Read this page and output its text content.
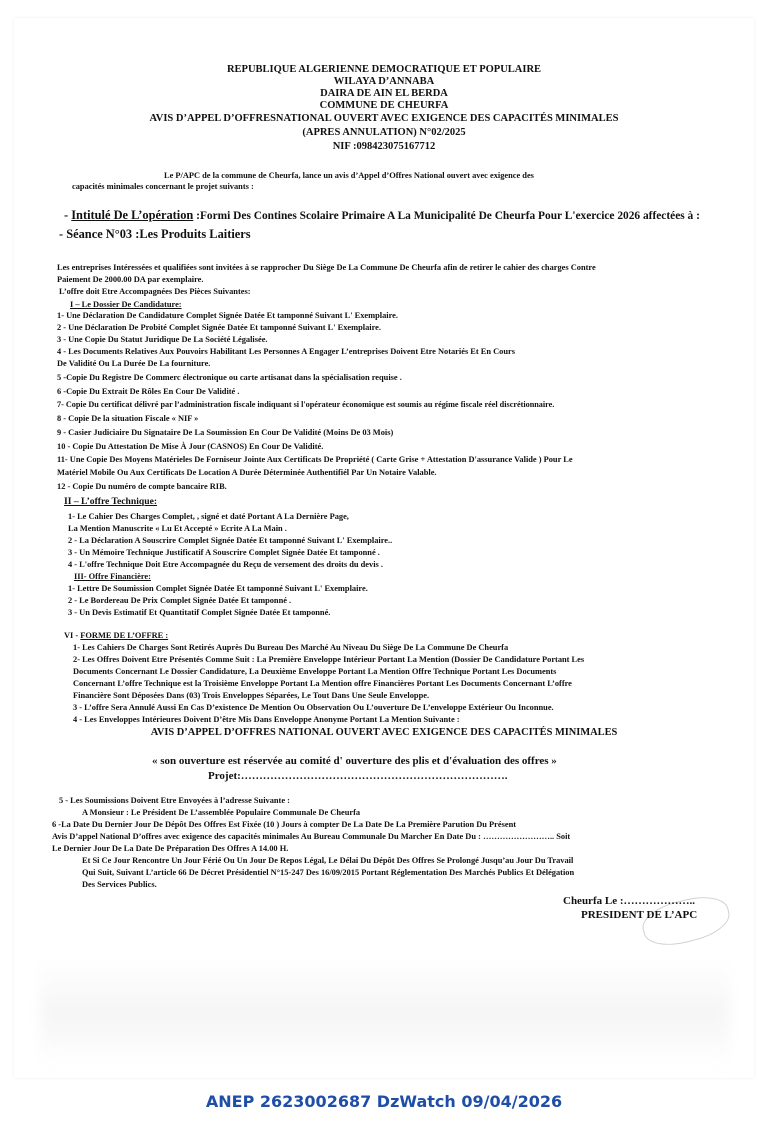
REPUBLIQUE ALGERIENNE DEMOCRATIQUE ET POPULAIRE
WILAYA D’ANNABA
DAIRA DE AIN EL BERDA
COMMUNE DE CHEURFA
AVIS D’APPEL D’OFFRESNATIONAL OUVERT AVEC EXIGENCE DES CAPACITÉS MINIMALES
(APRES ANNULATION) N°02/2025
NIF :098423075167712
Le P/APC de la commune de Cheurfa, lance un avis d’Appel d’Offres National ouvert avec exigence des
capacités minimales concernant le projet suivants :
- Intitulé De L’opération :Formi Des Contines Scolaire Primaire A La Municipalité De Cheurfa Pour L'exercice 2026 affectées à :
- Séance N°03 :Les Produits Laitiers
Les entreprises Intéressées et qualifiées sont invitées à se rapprocher Du Siège De La Commune De Cheurfa afin de retirer le cahier des charges Contre
Paiement De 2000.00 DA par exemplaire.
L’offre doit Etre Accompagnées Des Pièces Suivantes:
I – Le Dossier De Candidature:
1- Une Déclaration De Candidature Complet Signée Datée Et tamponné Suivant L' Exemplaire.
2 - Une Déclaration De Probité Complet Signée Datée Et tamponné Suivant L' Exemplaire.
3 - Une Copie Du Statut Juridique De La Société Légalisée.
4 - Les Documents Relatives Aux Pouvoirs Habilitant Les Personnes A Engager L’entreprises Doivent Etre Notariés Et En Cours
De Validité Ou La Durée De La fourniture.
5 -Copie Du Registre De Commerc électronique ou carte artisanat dans la spécialisation requise .
6 -Copie Du Extrait De Rôles En Cour De Validité .
7- Copie Du certificat délivré par l’administration fiscale indiquant si l'opérateur économique est soumis au régime fiscale réel discrétionnaire.
8 - Copie De la situation Fiscale « NIF »
9 - Casier Judiciaire Du Signataire De La Soumission En Cour De Validité (Moins De 03 Mois)
10 - Copie Du Attestation De Mise À Jour (CASNOS) En Cour De Validité.
11- Une Copie Des Moyens Matérieles De Forniseur Jointe Aux Certificats De Propriété ( Carte Grise + Attestation D'assurance Valide ) Pour Le
Matériel Mobile Ou Aux Certificats De Location A Durée Déterminée Authentifiél Par Un Notaire Valable.
12 - Copie Du numéro de compte bancaire RIB.
II – L’offre Technique:
1- Le Cahier Des Charges Complet, , signé et daté Portant A La Dernière Page,
La Mention Manuscrite « Lu Et Accepté » Ecrite A La Main .
2 - La Déclaration A Souscrire Complet Signée Datée Et tamponné Suivant L' Exemplaire..
3 - Un Mémoire Technique Justificatif A Souscrire Complet Signée Datée Et tamponné .
4 - L'offre Technique Doit Etre Accompagnée du Reçu de versement des droits du devis .
III- Offre Financière:
1- Lettre De Soumission Complet Signée Datée Et tamponné Suivant L' Exemplaire.
2 - Le Bordereau De Prix Complet Signée Datée Et tamponné .
3 - Un Devis Estimatif Et Quantitatif Complet Signée Datée Et tamponné.
VI - FORME DE L’OFFRE :
1- Les Cahiers De Charges Sont Retirés Auprès Du Bureau Des Marché Au Niveau Du Siège De La Commune De Cheurfa
2- Les Offres Doivent Etre Présentés Comme Suit : La Première Enveloppe Intérieur Portant La Mention (Dossier De Candidature Portant Les
Documents Concernant Le Dossier Candidature, La Deuxième Enveloppe Portant La Mention Offre Technique Portant Les Documents
Concernant L’offre Technique est la Troisième Enveloppe Portant La Mention offre Financières Portant Les Documents Concernant L’offre
Financière Sont Déposées Dans (03) Trois Enveloppes Séparées, Le Tout Dans Une Seule Enveloppe.
3 - L’offre Sera Annulé Aussi En Cas D’existence De Mention Ou Observation Ou L’ouverture De L’enveloppe Extérieur Ou Inconnue.
4 - Les Enveloppes Intérieures Doivent D’être Mis Dans Enveloppe Anonyme Portant La Mention Suivante :
AVIS D’APPEL D’OFFRES NATIONAL OUVERT AVEC EXIGENCE DES CAPACITÉS MINIMALES
« son ouverture est réservée au comité d' ouverture des plis et d'évaluation des offres »
Projet:……………………………………………………………….
5 - Les Soumissions Doivent Etre Envoyées à l’adresse Suivante :
A Monsieur : Le Président De L’assemblée Populaire Communale De Cheurfa
6 -La Date Du Dernier Jour De Dépôt Des Offres Est Fixée (10 ) Jours à compter De La Date De La Première Parution Du Présent
Avis D’appel National D’offres avec exigence des capacités minimales Au Bureau Communale Du Marcher En Date Du : …………………….. Soit
Le Dernier Jour De La Date De Préparation Des Offres A 14.00 H.
Et Si Ce Jour Rencontre Un Jour Férié Ou Un Jour De Repos Légal, Le Délai Du Dépôt Des Offres Se Prolongé Jusqu’au Jour Du Travail
Qui Suit, Suivant L’article 66 De Décret Présidentiel N°15-247 Des 16/09/2015 Portant Réglementation Des Marchés Publics Et Délégation
Des Services Publics.
Cheurfa Le :………………..
PRESIDENT DE L’APC
ANEP 2623002687 DzWatch 09/04/2026
